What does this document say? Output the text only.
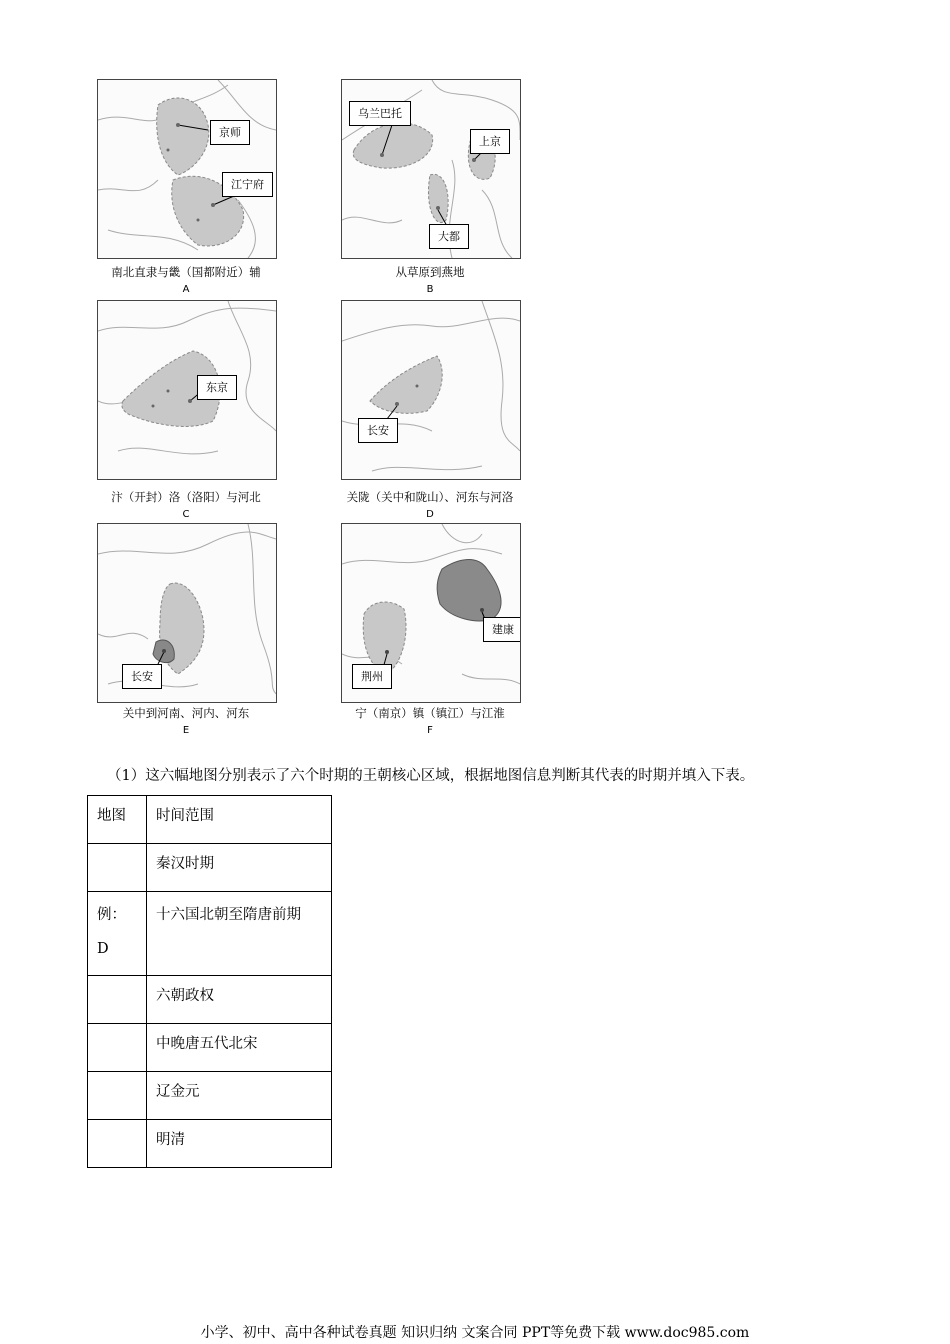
京师
江宁府
南北直隶与畿（国都附近）辅
A
乌兰巴托
上京
大都
从草原到燕地
B
东京
汴（开封）洛（洛阳）与河北
C
长安
关陇（关中和陇山）、河东与河洛
D
长安
关中到河南、河内、河东
E
建康
荆州
宁（南京）镇（镇江）与江淮
F
（1）这六幅地图分别表示了六个时期的王朝核心区域，根据地图信息判断其代表的时期并填入下表。
地图	时间范围
	秦汉时期
例：D	十六国北朝至隋唐前期
	六朝政权
	中晚唐五代北宋
	辽金元
	明清
小学、初中、高中各种试卷真题 知识归纳 文案合同 PPT等免费下载 www.doc985.com
